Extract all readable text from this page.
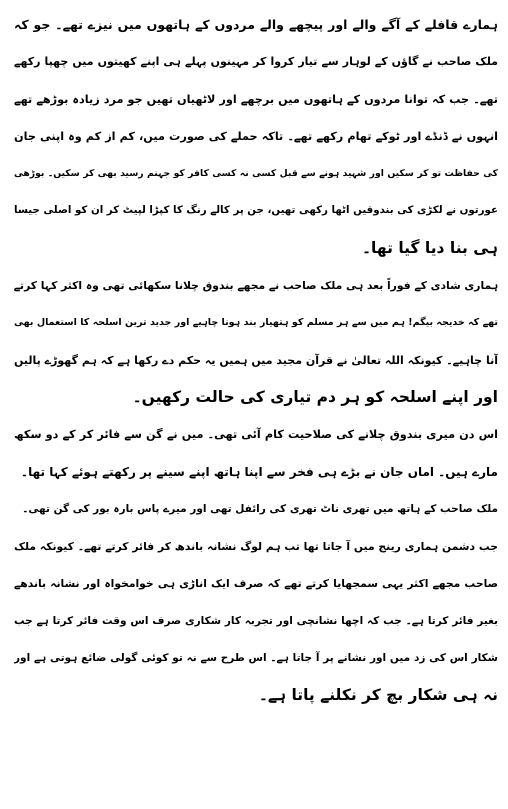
ہمارے قافلے کے آگے والے اور پیچھے والے مردوں کے ہاتھوں میں نیزے تھے۔ جو کہ
ملک صاحب نے گاؤں کے لوہار سے تیار کروا کر مہینوں پہلے ہی اپنے کھیتوں میں چھپا رکھے
تھے۔ جب کہ توانا مردوں کے ہاتھوں میں برچھے اور لاٹھیاں تھیں جو مرد زیادہ بوڑھے تھے
انہوں نے ڈنڈے اور ٹوکے تھام رکھے تھے۔ تاکہ حملے کی صورت میں، کم از کم وہ اپنی جان
کی حفاظت تو کر سکیں اور شہید ہونے سے قبل کسی نہ کسی کافر کو جہنم رسید بھی کر سکیں۔ بوڑھی
عورتوں نے لکڑی کی بندوقیں اٹھا رکھی تھیں، جن پر کالے رنگ کا کپڑا لپیٹ کر ان کو اصلی جیسا
ہی بنا دیا گیا تھا۔
ہماری شادی کے فوراً بعد ہی ملک صاحب نے مجھے بندوق چلانا سکھائی تھی وہ اکثر کہا کرتے
تھے کہ خدیجہ بیگم! ہم میں سے ہر مسلم کو ہتھیار بند ہونا چاہیے اور جدید ترین اسلحہ کا استعمال بھی
آنا چاہیے۔ کیونکہ اللہ تعالیٰ نے قرآن مجید میں ہمیں یہ حکم دے رکھا ہے کہ ہم گھوڑے پالیں
اور اپنے اسلحہ کو ہر دم تیاری کی حالت رکھیں۔
اس دن میری بندوق چلانے کی صلاحیت کام آئی تھی۔ میں نے گن سے فائر کر کے دو سکھ
مارے ہیں۔ اماں جان نے بڑے ہی فخر سے اپنا ہاتھ اپنے سینے پر رکھتے ہوئے کہا تھا۔
ملک صاحب کے ہاتھ میں تھری ناٹ تھری کی رائفل تھی اور میرے پاس بارہ بور کی گن تھی۔
جب دشمن ہماری رینج میں آ جاتا تھا تب ہم لوگ نشانہ باندھ کر فائر کرتے تھے۔ کیونکہ ملک
صاحب مجھے اکثر یہی سمجھایا کرتے تھے کہ صرف ایک اناڑی ہی خوامخواہ اور نشانہ باندھے
بغیر فائر کرتا ہے۔ جب کہ اچھا نشانچی اور تجربہ کار شکاری صرف اس وقت فائر کرتا ہے جب
شکار اس کی زد میں اور نشانے پر آ جاتا ہے۔ اس طرح سے نہ تو کوئی گولی ضائع ہوتی ہے اور
نہ ہی شکار بچ کر نکلنے پاتا ہے۔
